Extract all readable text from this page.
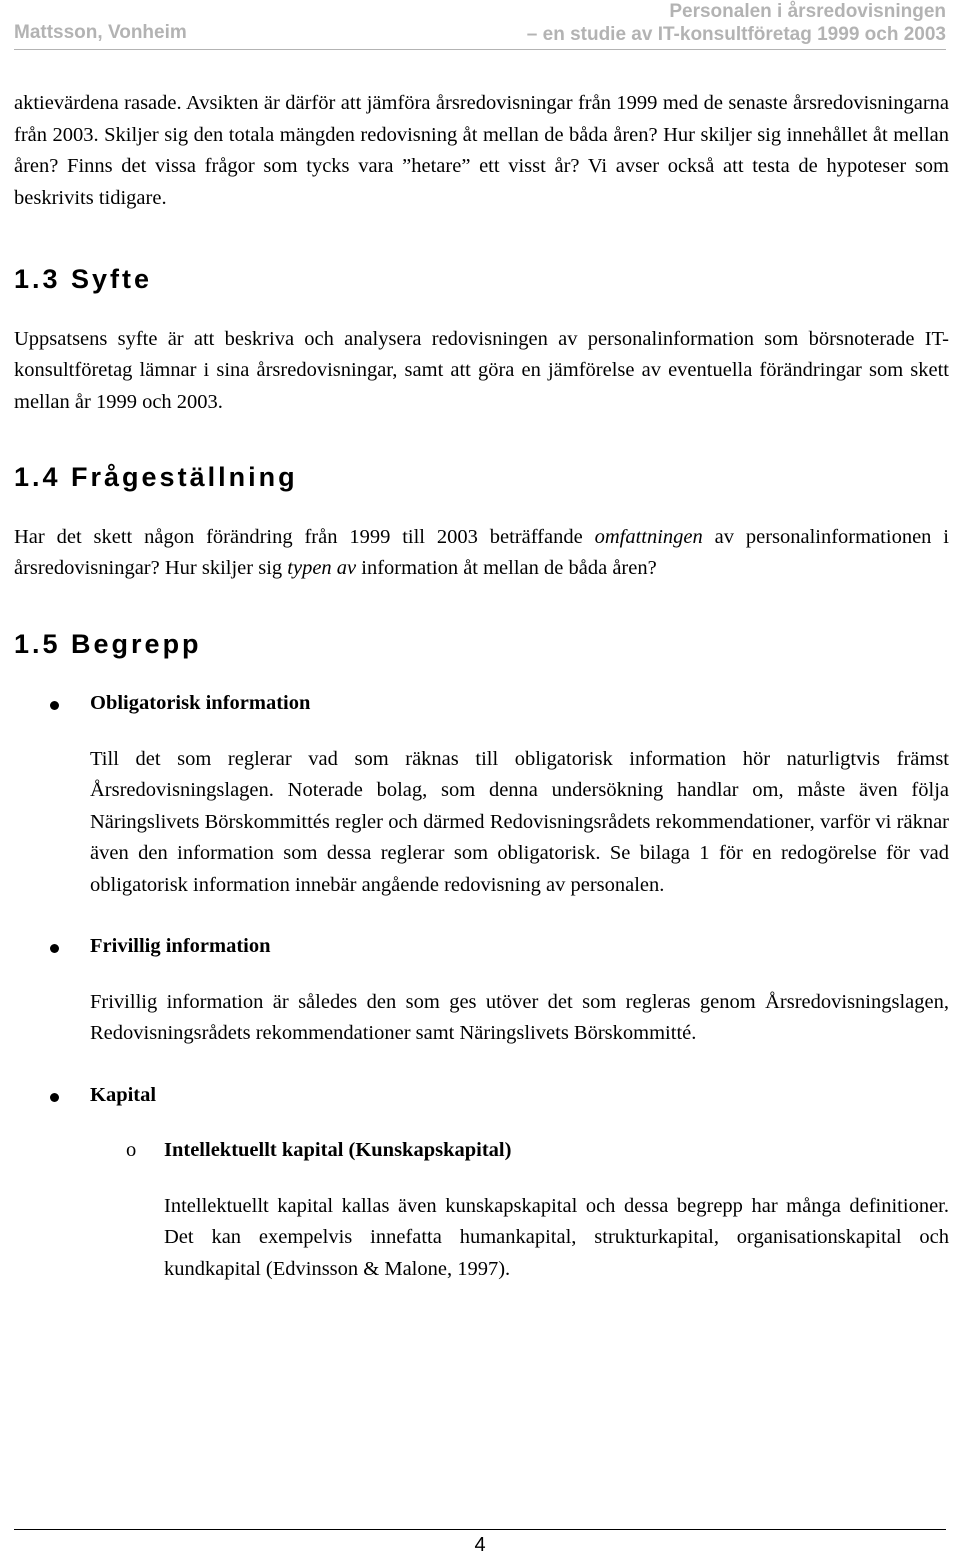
Mattsson, Vonheim
Personalen i årsredovisningen
– en studie av IT-konsultföretag 1999 och 2003

aktievärdena rasade. Avsikten är därför att jämföra årsredovisningar från 1999 med de senaste årsredovisningarna från 2003. Skiljer sig den totala mängden redovisning åt mellan de båda åren? Hur skiljer sig innehållet åt mellan åren? Finns det vissa frågor som tycks vara ”hetare” ett visst år? Vi avser också att testa de hypoteser som beskrivits tidigare.

1.3 Syfte

Uppsatsens syfte är att beskriva och analysera redovisningen av personalinformation som börsnoterade IT-konsultföretag lämnar i sina årsredovisningar, samt att göra en jämförelse av eventuella förändringar som skett mellan år 1999 och 2003.

1.4 Frågeställning

Har det skett någon förändring från 1999 till 2003 beträffande omfattningen av personalinformationen i årsredovisningar? Hur skiljer sig typen av information åt mellan de båda åren?

1.5 Begrepp
Obligatorisk information

Till det som reglerar vad som räknas till obligatorisk information hör naturligtvis främst Årsredovisningslagen. Noterade bolag, som denna undersökning handlar om, måste även följa Näringslivets Börskommittés regler och därmed Redovisningsrådets rekommendationer, varför vi räknar även den information som dessa reglerar som obligatorisk. Se bilaga 1 för en redogörelse för vad obligatorisk information innebär angående redovisning av personalen.

Frivillig information

Frivillig information är således den som ges utöver det som regleras genom Årsredovisningslagen, Redovisningsrådets rekommendationer samt Näringslivets Börskommitté.

Kapital
o Intellektuellt kapital (Kunskapskapital)

Intellektuellt kapital kallas även kunskapskapital och dessa begrepp har många definitioner. Det kan exempelvis innefatta humankapital, strukturkapital, organisationskapital och kundkapital (Edvinsson & Malone, 1997).

4
